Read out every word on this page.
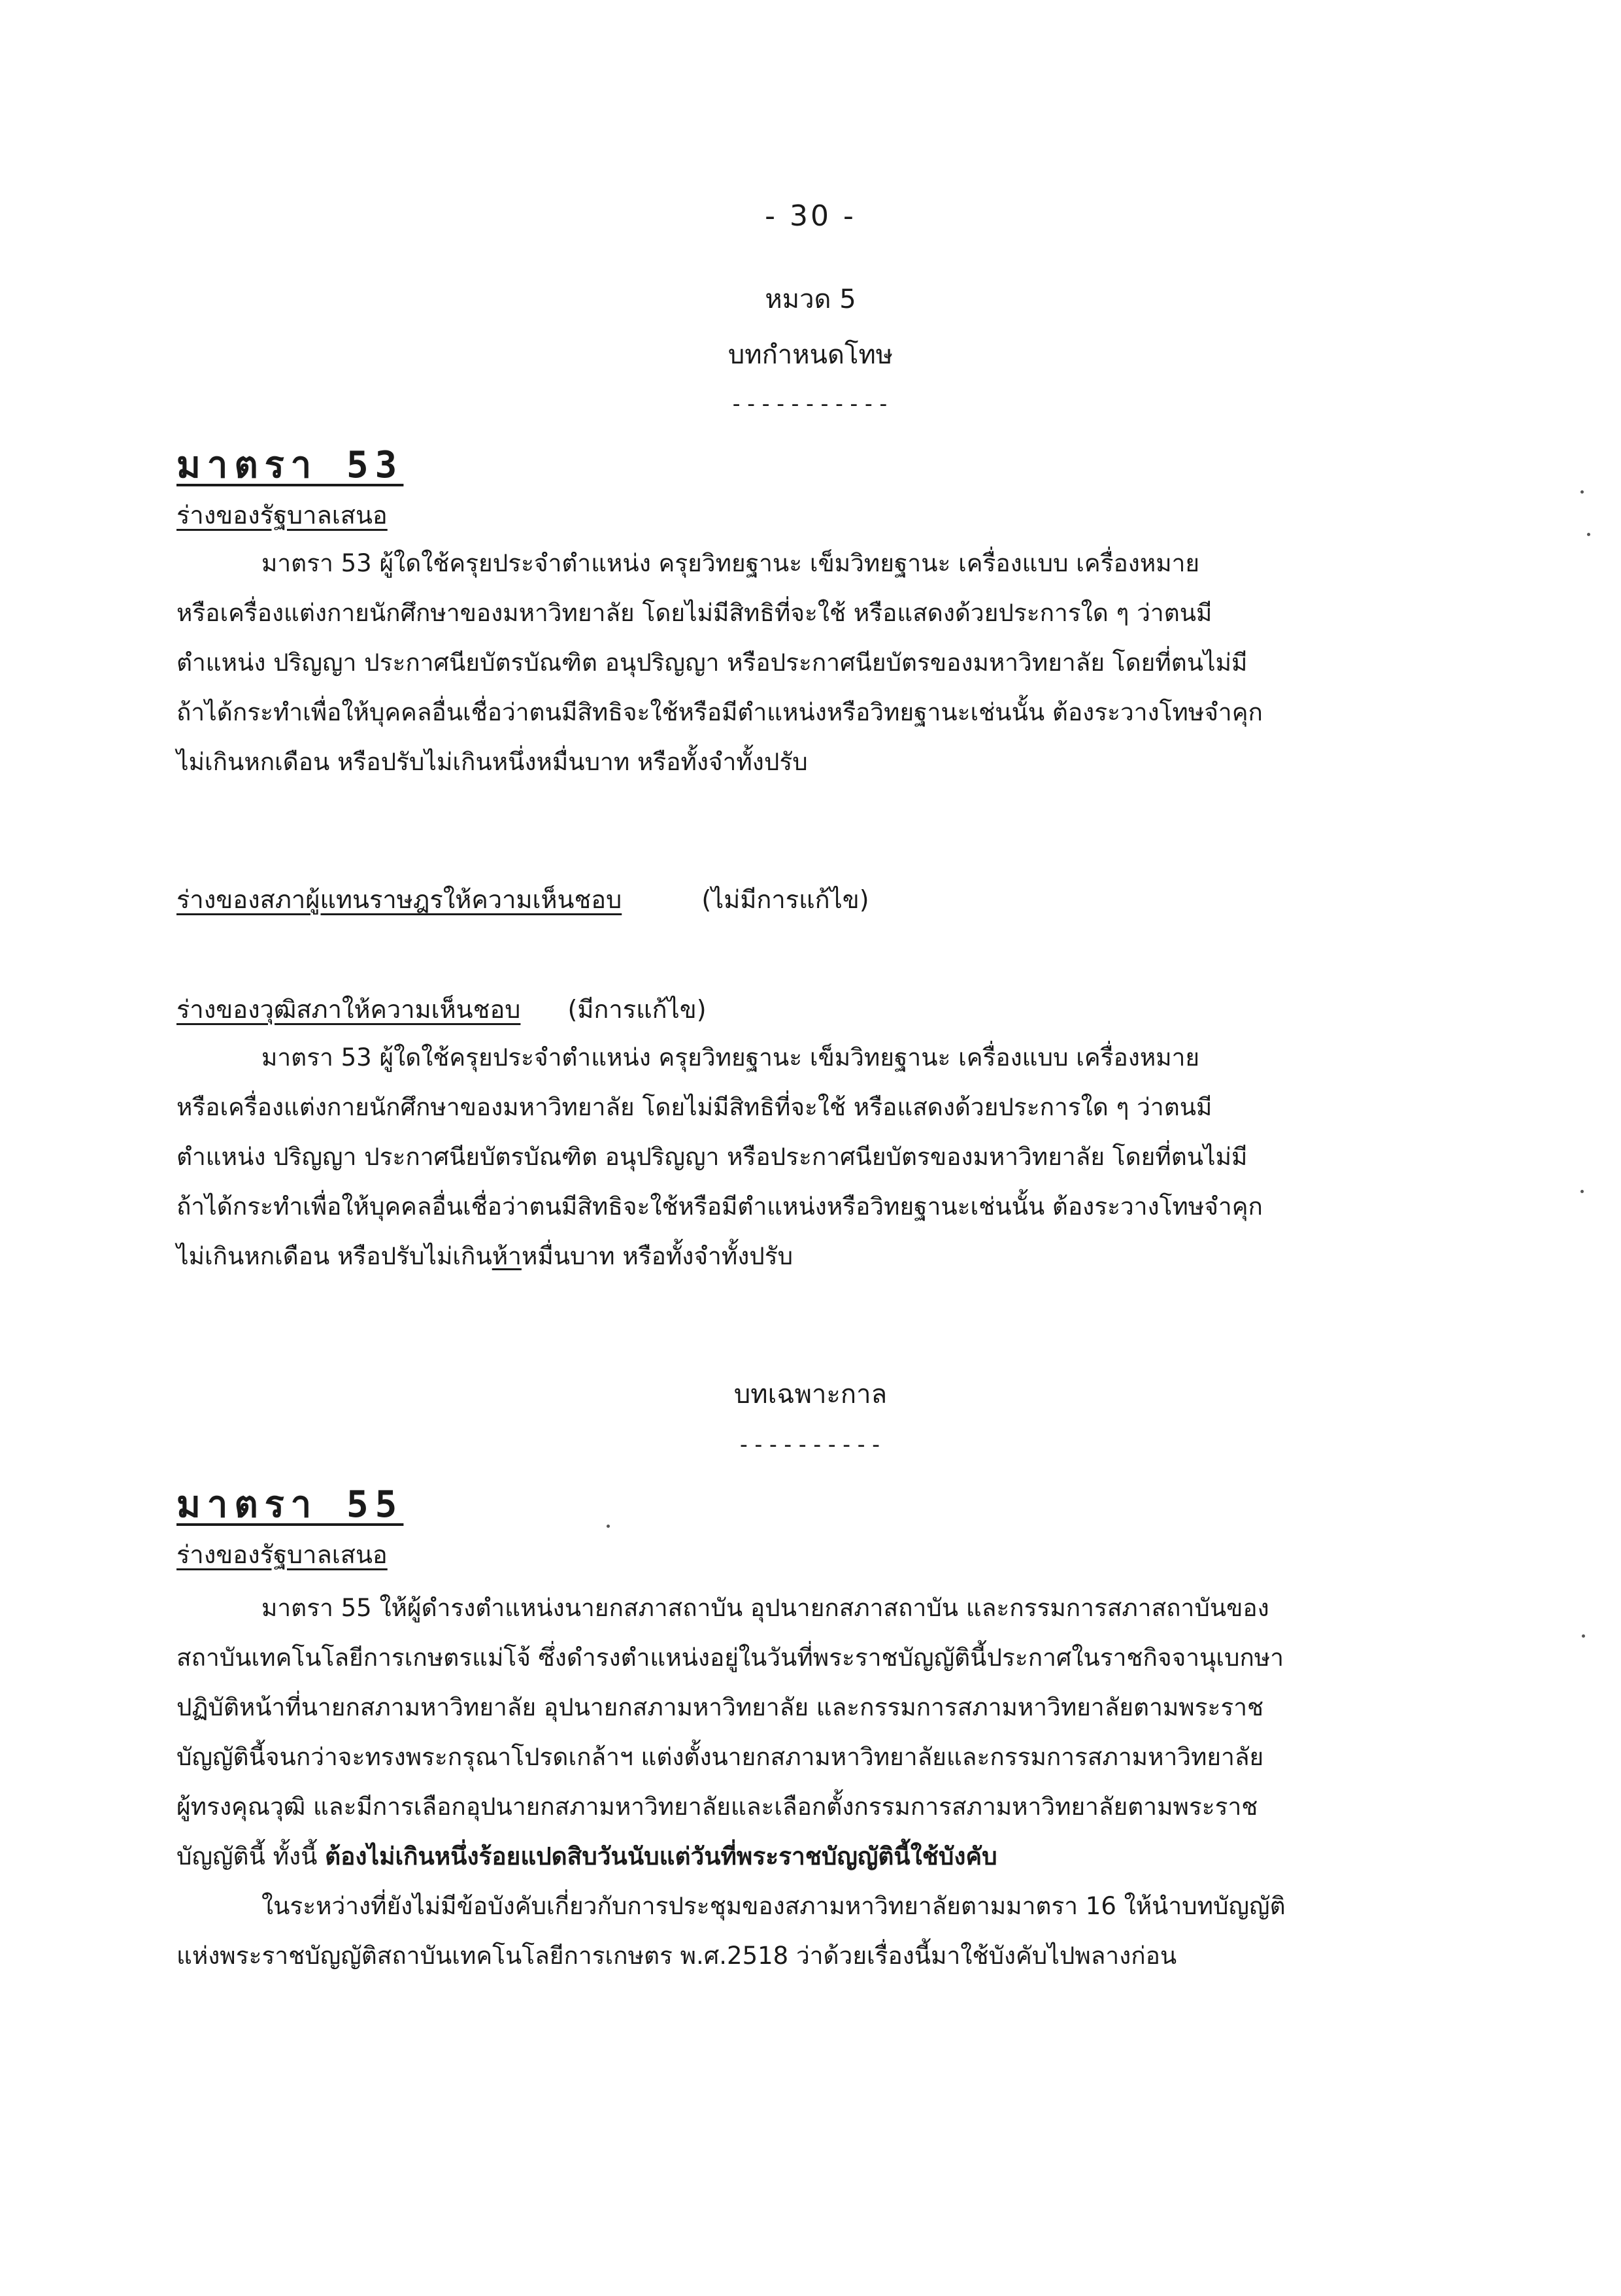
- 30 -
หมวด 5
บทกำหนดโทษ
-----------
มาตรา 53
ร่างของรัฐบาลเสนอ
มาตรา 53 ผู้ใดใช้ครุยประจำตำแหน่ง ครุยวิทยฐานะ เข็มวิทยฐานะ เครื่องแบบ เครื่องหมาย
หรือเครื่องแต่งกายนักศึกษาของมหาวิทยาลัย โดยไม่มีสิทธิที่จะใช้ หรือแสดงด้วยประการใด ๆ ว่าตนมี
ตำแหน่ง ปริญญา ประกาศนียบัตรบัณฑิต อนุปริญญา หรือประกาศนียบัตรของมหาวิทยาลัย โดยที่ตนไม่มี
ถ้าได้กระทำเพื่อให้บุคคลอื่นเชื่อว่าตนมีสิทธิจะใช้หรือมีตำแหน่งหรือวิทยฐานะเช่นนั้น ต้องระวางโทษจำคุก
ไม่เกินหกเดือน หรือปรับไม่เกินหนึ่งหมื่นบาท หรือทั้งจำทั้งปรับ
ร่างของสภาผู้แทนราษฎรให้ความเห็นชอบ	(ไม่มีการแก้ไข)
ร่างของวุฒิสภาให้ความเห็นชอบ (มีการแก้ไข)
มาตรา 53 ผู้ใดใช้ครุยประจำตำแหน่ง ครุยวิทยฐานะ เข็มวิทยฐานะ เครื่องแบบ เครื่องหมาย
หรือเครื่องแต่งกายนักศึกษาของมหาวิทยาลัย โดยไม่มีสิทธิที่จะใช้ หรือแสดงด้วยประการใด ๆ ว่าตนมี
ตำแหน่ง ปริญญา ประกาศนียบัตรบัณฑิต อนุปริญญา หรือประกาศนียบัตรของมหาวิทยาลัย โดยที่ตนไม่มี
ถ้าได้กระทำเพื่อให้บุคคลอื่นเชื่อว่าตนมีสิทธิจะใช้หรือมีตำแหน่งหรือวิทยฐานะเช่นนั้น ต้องระวางโทษจำคุก
ไม่เกินหกเดือน หรือปรับไม่เกินห้าหมื่นบาท หรือทั้งจำทั้งปรับ
บทเฉพาะกาล
----------
มาตรา 55
ร่างของรัฐบาลเสนอ
มาตรา 55 ให้ผู้ดำรงตำแหน่งนายกสภาสถาบัน อุปนายกสภาสถาบัน และกรรมการสภาสถาบันของ
สถาบันเทคโนโลยีการเกษตรแม่โจ้ ซึ่งดำรงตำแหน่งอยู่ในวันที่พระราชบัญญัตินี้ประกาศในราชกิจจานุเบกษา
ปฏิบัติหน้าที่นายกสภามหาวิทยาลัย อุปนายกสภามหาวิทยาลัย และกรรมการสภามหาวิทยาลัยตามพระราช
บัญญัตินี้จนกว่าจะทรงพระกรุณาโปรดเกล้าฯ แต่งตั้งนายกสภามหาวิทยาลัยและกรรมการสภามหาวิทยาลัย
ผู้ทรงคุณวุฒิ และมีการเลือกอุปนายกสภามหาวิทยาลัยและเลือกตั้งกรรมการสภามหาวิทยาลัยตามพระราช
บัญญัตินี้ ทั้งนี้ ต้องไม่เกินหนึ่งร้อยแปดสิบวันนับแต่วันที่พระราชบัญญัตินี้ใช้บังคับ
ในระหว่างที่ยังไม่มีข้อบังคับเกี่ยวกับการประชุมของสภามหาวิทยาลัยตามมาตรา 16 ให้นำบทบัญญัติ
แห่งพระราชบัญญัติสถาบันเทคโนโลยีการเกษตร พ.ศ.2518 ว่าด้วยเรื่องนี้มาใช้บังคับไปพลางก่อน
